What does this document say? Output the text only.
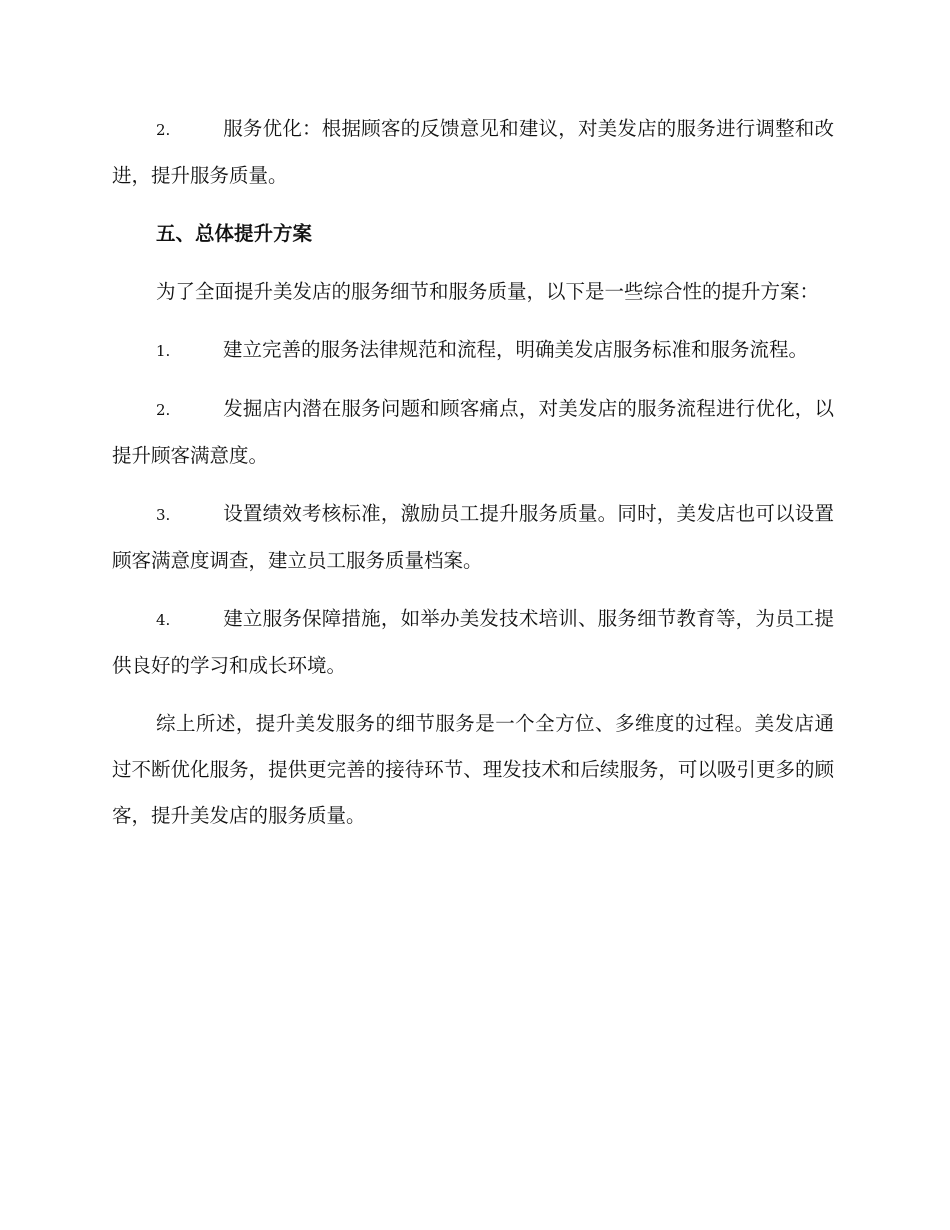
2.	服务优化：根据顾客的反馈意见和建议，对美发店的服务进行调整和改进，提升服务质量。

五、总体提升方案

为了全面提升美发店的服务细节和服务质量，以下是一些综合性的提升方案：

1.	建立完善的服务法律规范和流程，明确美发店服务标准和服务流程。

2.	发掘店内潜在服务问题和顾客痛点，对美发店的服务流程进行优化，以提升顾客满意度。

3.	设置绩效考核标准，激励员工提升服务质量。同时，美发店也可以设置顾客满意度调查，建立员工服务质量档案。

4.	建立服务保障措施，如举办美发技术培训、服务细节教育等，为员工提供良好的学习和成长环境。

综上所述，提升美发服务的细节服务是一个全方位、多维度的过程。美发店通过不断优化服务，提供更完善的接待环节、理发技术和后续服务，可以吸引更多的顾客，提升美发店的服务质量。
